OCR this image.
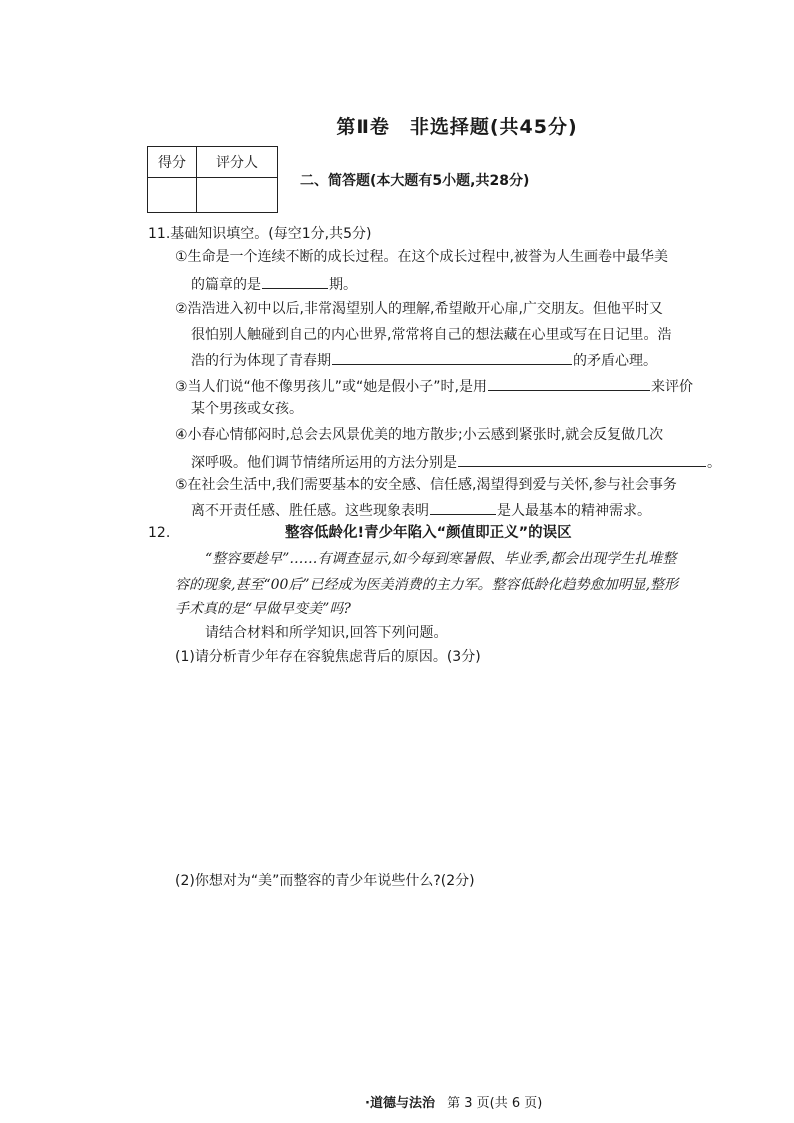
第Ⅱ卷　非选择题(共45分)
得分	评分人

二、简答题(本大题有5小题,共28分)
11.基础知识填空。(每空1分,共5分)
①生命是一个连续不断的成长过程。在这个成长过程中,被誉为人生画卷中最华美
的篇章的是	期。
②浩浩进入初中以后,非常渴望别人的理解,希望敞开心扉,广交朋友。但他平时又
很怕别人触碰到自己的内心世界,常常将自己的想法藏在心里或写在日记里。浩
浩的行为体现了青春期	的矛盾心理。
③当人们说“他不像男孩儿”或“她是假小子”时,是用	来评价
某个男孩或女孩。
④小春心情郁闷时,总会去风景优美的地方散步;小云感到紧张时,就会反复做几次
深呼吸。他们调节情绪所运用的方法分别是	。
⑤在社会生活中,我们需要基本的安全感、信任感,渴望得到爱与关怀,参与社会事务
离不开责任感、胜任感。这些现象表明	是人最基本的精神需求。
12.	整容低龄化!青少年陷入“颜值即正义”的误区
“整容要趁早”……有调查显示,如今每到寒暑假、毕业季,都会出现学生扎堆整
容的现象,甚至“00后”已经成为医美消费的主力军。整容低龄化趋势愈加明显,整形
手术真的是“早做早变美”吗?
请结合材料和所学知识,回答下列问题。
(1)请分析青少年存在容貌焦虑背后的原因。(3分)
(2)你想对为“美”而整容的青少年说些什么?(2分)
·道德与法治 第 3 页(共 6 页)
